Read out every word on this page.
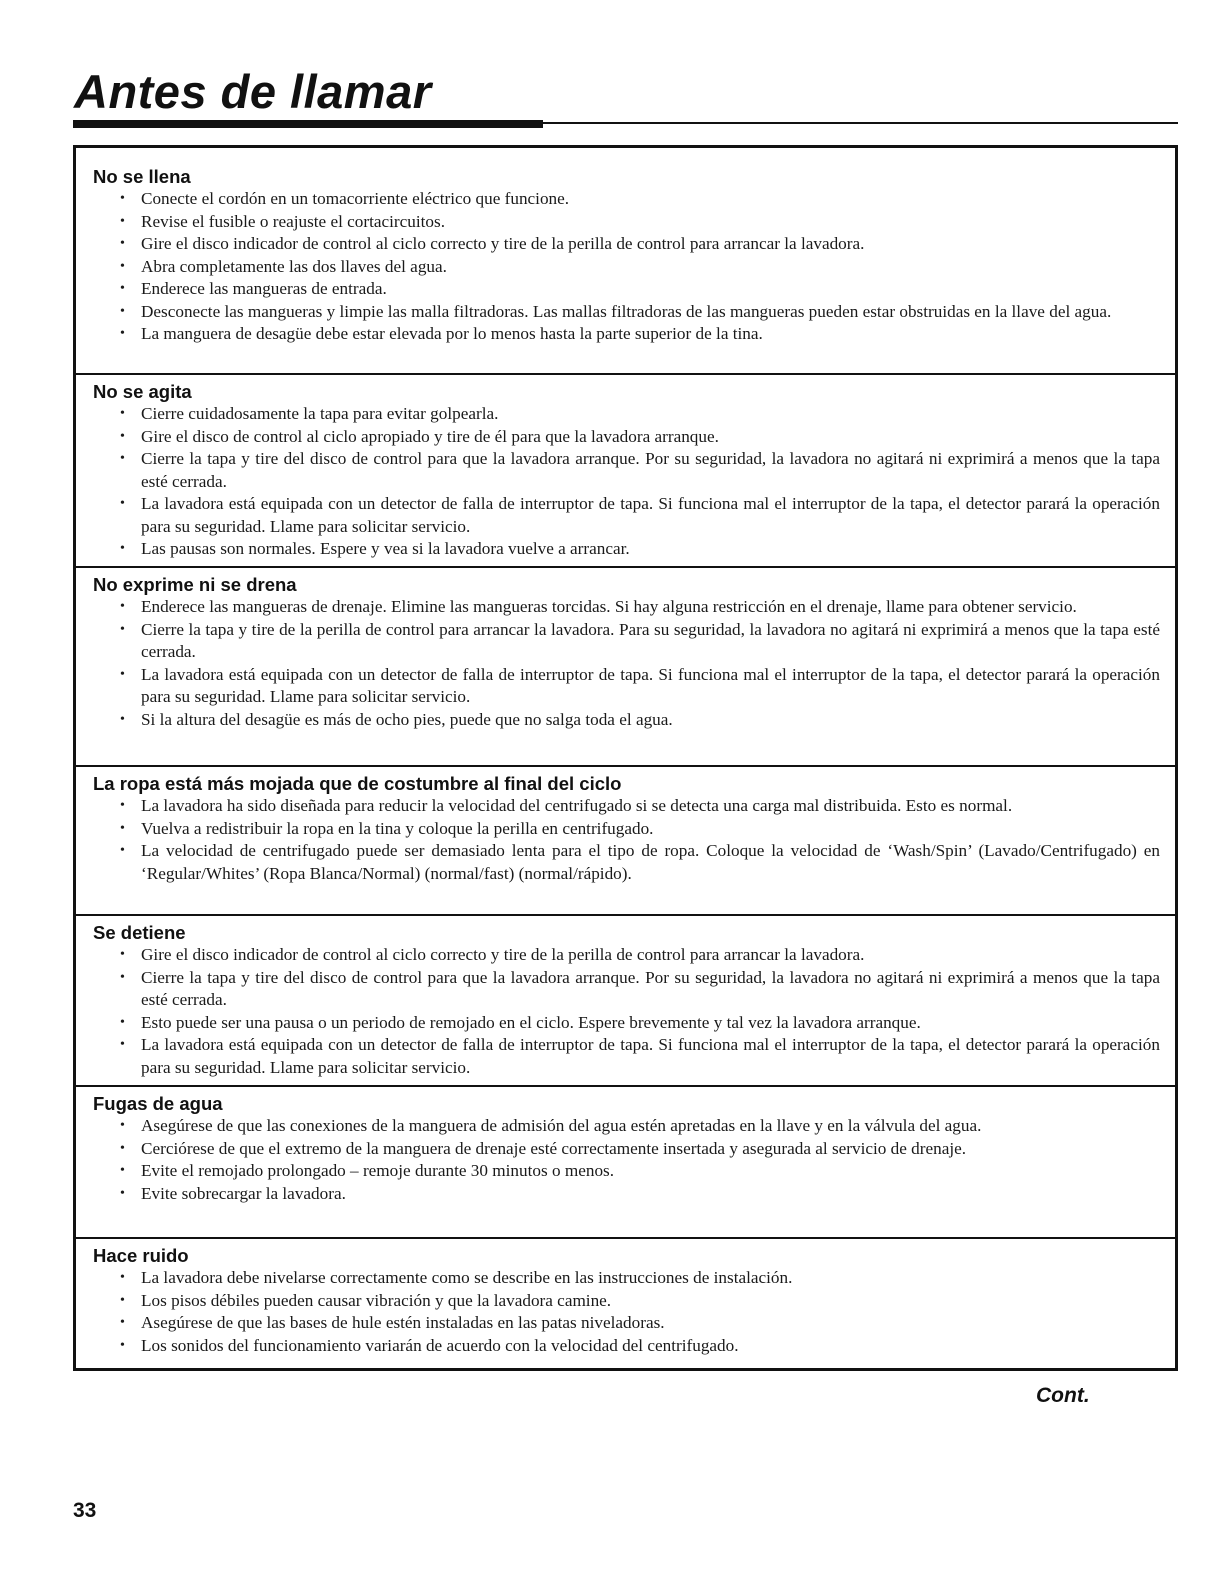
Antes de llamar
No se llena
• Conecte el cordón en un tomacorriente eléctrico que funcione.
• Revise el fusible o reajuste el cortacircuitos.
• Gire el disco indicador de control al ciclo correcto y tire de la perilla de control para arrancar la lavadora.
• Abra completamente las dos llaves del agua.
• Enderece las mangueras de entrada.
• Desconecte las mangueras y limpie las malla filtradoras. Las mallas filtradoras de las mangueras pueden estar obstruidas en la llave del agua.
• La manguera de desagüe debe estar elevada por lo menos hasta la parte superior de la tina.
No se agita
• Cierre cuidadosamente la tapa para evitar golpearla.
• Gire el disco de control al ciclo apropiado y tire de él para que la lavadora arranque.
• Cierre la tapa y tire del disco de control para que la lavadora arranque. Por su seguridad, la lavadora no agitará ni exprimirá a menos que la tapa esté cerrada.
• La lavadora está equipada con un detector de falla de interruptor de tapa. Si funciona mal el interruptor de la tapa, el detector parará la operación para su seguridad. Llame para solicitar servicio.
• Las pausas son normales. Espere y vea si la lavadora vuelve a arrancar.
No exprime ni se drena
• Enderece las mangueras de drenaje. Elimine las mangueras torcidas. Si hay alguna restricción en el drenaje, llame para obtener servicio.
• Cierre la tapa y tire de la perilla de control para arrancar la lavadora. Para su seguridad, la lavadora no agitará ni exprimirá a menos que la tapa esté cerrada.
• La lavadora está equipada con un detector de falla de interruptor de tapa. Si funciona mal el interruptor de la tapa, el detector parará la operación para su seguridad. Llame para solicitar servicio.
• Si la altura del desagüe es más de ocho pies, puede que no salga toda el agua.
La ropa está más mojada que de costumbre al final del ciclo
• La lavadora ha sido diseñada para reducir la velocidad del centrifugado si se detecta una carga mal distribuida. Esto es normal.
• Vuelva a redistribuir la ropa en la tina y coloque la perilla en centrifugado.
• La velocidad de centrifugado puede ser demasiado lenta para el tipo de ropa. Coloque la velocidad de ‘Wash/Spin’ (Lavado/Centrifugado) en ‘Regular/Whites’ (Ropa Blanca/Normal) (normal/fast) (normal/rápido).
Se detiene
• Gire el disco indicador de control al ciclo correcto y tire de la perilla de control para arrancar la lavadora.
• Cierre la tapa y tire del disco de control para que la lavadora arranque. Por su seguridad, la lavadora no agitará ni exprimirá a menos que la tapa esté cerrada.
• Esto puede ser una pausa o un periodo de remojado en el ciclo. Espere brevemente y tal vez la lavadora arranque.
• La lavadora está equipada con un detector de falla de interruptor de tapa. Si funciona mal el interruptor de la tapa, el detector parará la operación para su seguridad. Llame para solicitar servicio.
Fugas de agua
• Asegúrese de que las conexiones de la manguera de admisión del agua estén apretadas en la llave y en la válvula del agua.
• Cerciórese de que el extremo de la manguera de drenaje esté correctamente insertada y asegurada al servicio de drenaje.
• Evite el remojado prolongado – remoje durante 30 minutos o menos.
• Evite sobrecargar la lavadora.
Hace ruido
• La lavadora debe nivelarse correctamente como se describe en las instrucciones de instalación.
• Los pisos débiles pueden causar vibración y que la lavadora camine.
• Asegúrese de que las bases de hule estén instaladas en las patas niveladoras.
• Los sonidos del funcionamiento variarán de acuerdo con la velocidad del centrifugado.
Cont.
33
